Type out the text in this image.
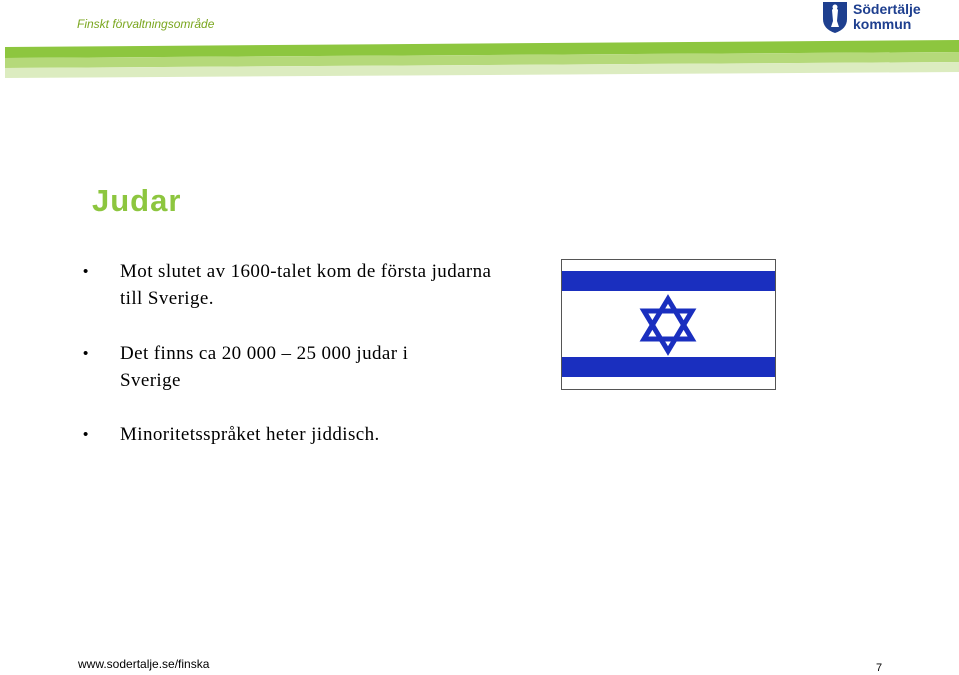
Finskt förvaltningsområde
Södertälje
kommun
Judar
• Mot slutet av 1600-talet kom de första judarna till Sverige.
• Det finns ca 20 000 – 25 000 judar i Sverige
• Minoritetsspråket heter jiddisch.
www.sodertalje.se/finska	7
